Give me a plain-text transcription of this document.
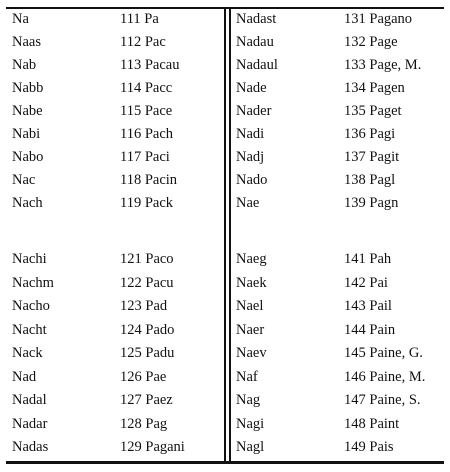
Na	111 Pa
Naas	112 Pac
Nab	113 Pacau
Nabb	114 Pacc
Nabe	115 Pace
Nabi	116 Pach
Nabo	117 Paci
Nac	118 Pacin
Nach	119 Pack
Nachi	121 Paco
Nachm	122 Pacu
Nacho	123 Pad
Nacht	124 Pado
Nack	125 Padu
Nad	126 Pae
Nadal	127 Paez
Nadar	128 Pag
Nadas	129 Pagani
Nadast	131 Pagano
Nadau	132 Page
Nadaul	133 Page, M.
Nade	134 Pagen
Nader	135 Paget
Nadi	136 Pagi
Nadj	137 Pagit
Nado	138 Pagl
Nae	139 Pagn
Naeg	141 Pah
Naek	142 Pai
Nael	143 Pail
Naer	144 Pain
Naev	145 Paine, G.
Naf	146 Paine, M.
Nag	147 Paine, S.
Nagi	148 Paint
Nagl	149 Pais
